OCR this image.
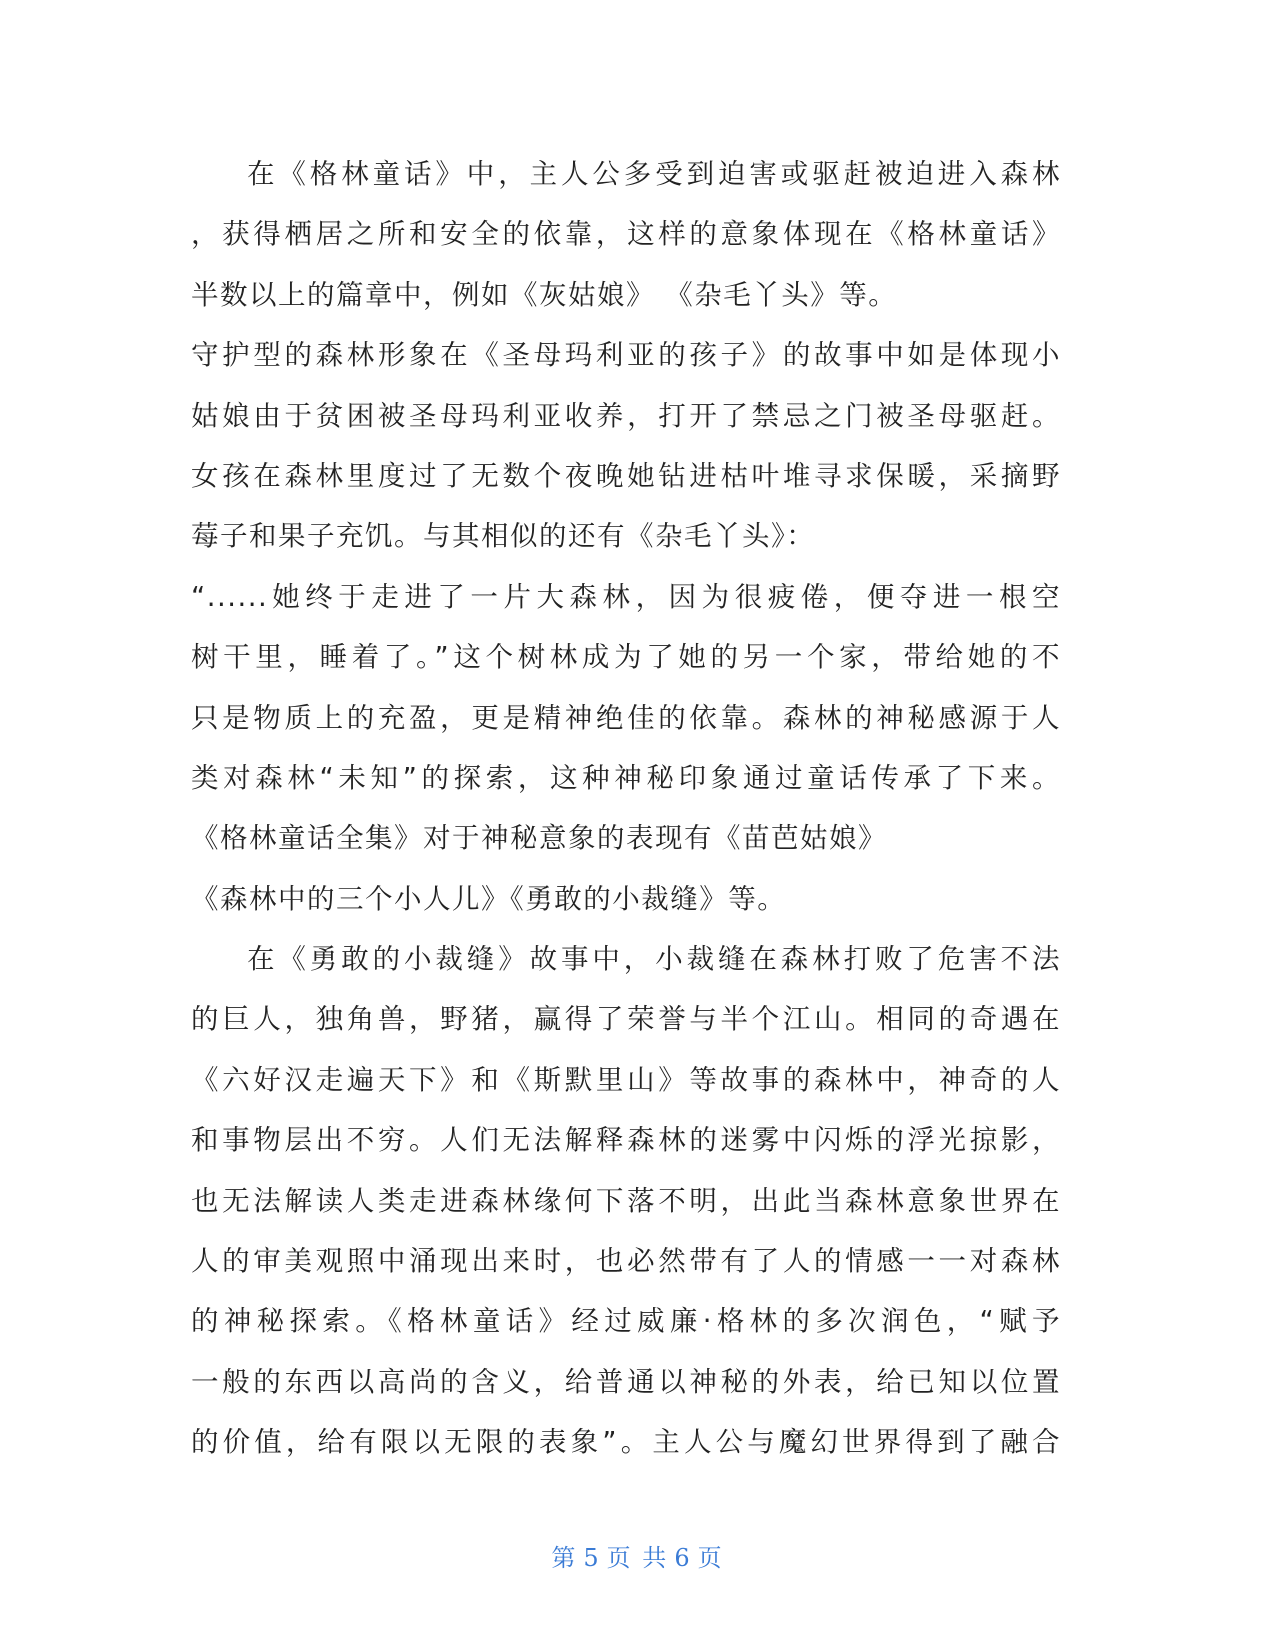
在《格林童话》中，主人公多受到迫害或驱赶被迫进入森林
，获得栖居之所和安全的依靠，这样的意象体现在《格林童话》
半数以上的篇章中，例如《灰姑娘》 《杂毛丫头》等。
守护型的森林形象在《圣母玛利亚的孩子》的故事中如是体现小
姑娘由于贫困被圣母玛利亚收养，打开了禁忌之门被圣母驱赶。
女孩在森林里度过了无数个夜晚她钻进枯叶堆寻求保暖，采摘野
莓子和果子充饥。与其相似的还有《杂毛丫头》：
“......她终于走进了一片大森林，因为很疲倦，便夺进一根空
树干里，睡着了。”这个树林成为了她的另一个家，带给她的不
只是物质上的充盈，更是精神绝佳的依靠。森林的神秘感源于人
类对森林“未知”的探索，这种神秘印象通过童话传承了下来。
《格林童话全集》对于神秘意象的表现有《苗芭姑娘》
《森林中的三个小人儿》《勇敢的小裁缝》等。
在《勇敢的小裁缝》故事中，小裁缝在森林打败了危害不法
的巨人，独角兽，野猪，赢得了荣誉与半个江山。相同的奇遇在
《六好汉走遍天下》和《斯默里山》等故事的森林中，神奇的人
和事物层出不穷。人们无法解释森林的迷雾中闪烁的浮光掠影，
也无法解读人类走进森林缘何下落不明，出此当森林意象世界在
人的审美观照中涌现出来时，也必然带有了人的情感一一对森林
的神秘探索。《格林童话》经过威廉·格林的多次润色，“赋予
一般的东西以高尚的含义，给普通以神秘的外表，给已知以位置
的价值，给有限以无限的表象”。主人公与魔幻世界得到了融合
第 5 页 共 6 页
